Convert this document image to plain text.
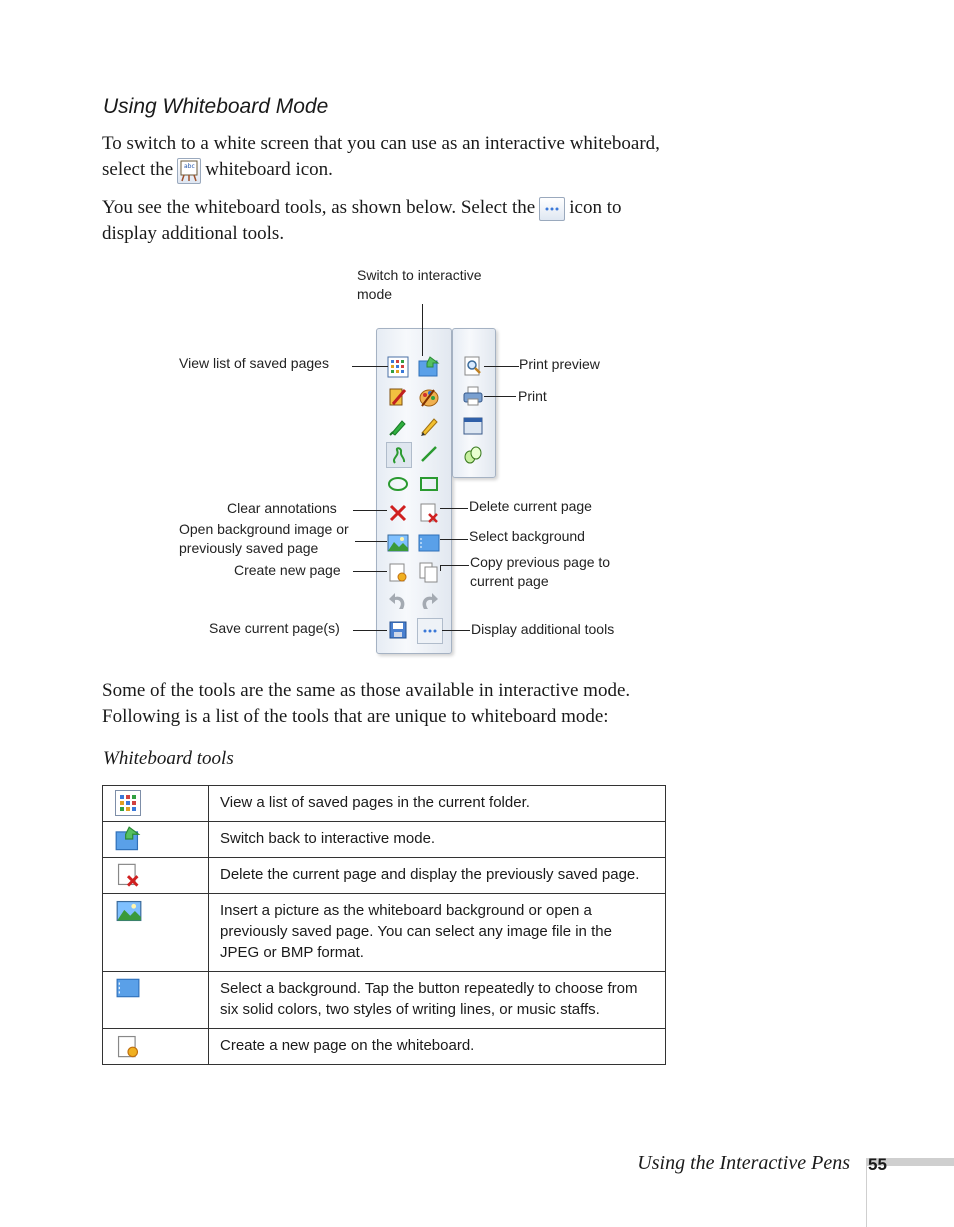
Using Whiteboard Mode
To switch to a white screen that you can use as an interactive whiteboard, select the abc whiteboard icon.
You see the whiteboard tools, as shown below. Select the icon to display additional tools.
Switch to interactive mode
View list of saved pages	Print preview
Print
Clear annotations	Delete current page
Open background image or previously saved page
Select background
Create new page	Copy previous page to current page
Save current page(s)	Display additional tools
Some of the tools are the same as those available in interactive mode. Following is a list of the tools that are unique to whiteboard mode:
Whiteboard tools
	View a list of saved pages in the current folder.

	Switch back to interactive mode.

	Delete the current page and display the previously saved page.

	Insert a picture as the whiteboard background or open a previously saved page. You can select any image file in the JPEG or BMP format.

	Select a background. Tap the button repeatedly to choose from six solid colors, two styles of writing lines, or music staffs.

	Create a new page on the whiteboard.
Using the Interactive Pens 55
